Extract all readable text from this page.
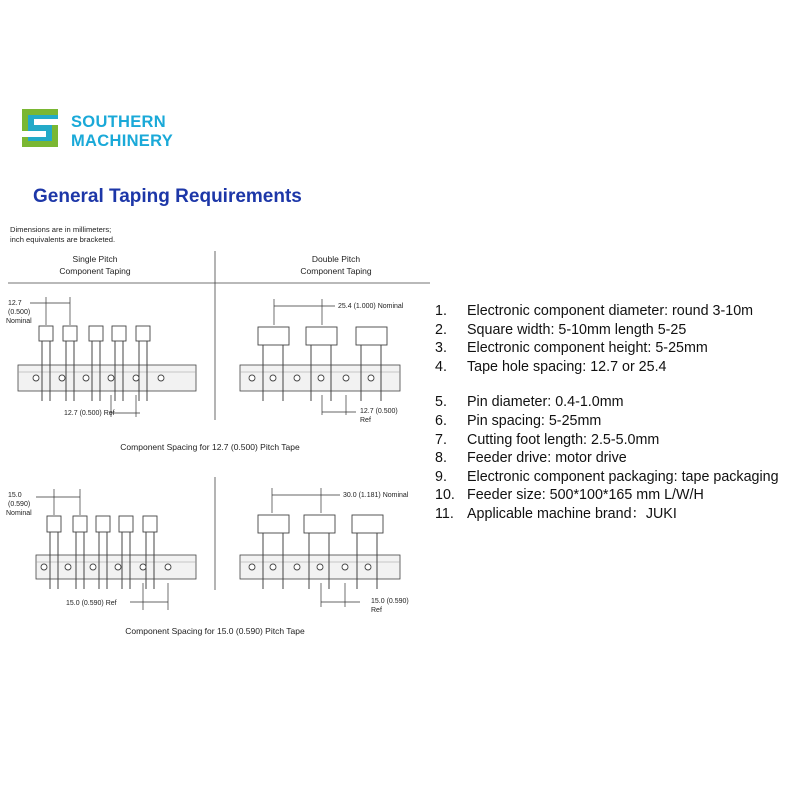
SOUTHERN
MACHINERY
General Taping Requirements
Dimensions are in millimeters;
inch equivalents are bracketed.
Single Pitch
Component Taping
Double Pitch
Component Taping
12.7
(0.500)
Nominal
12.7 (0.500) Ref
25.4 (1.000) Nominal
12.7 (0.500)
Ref
Component Spacing for 12.7 (0.500) Pitch Tape
15.0
(0.590)
Nominal
15.0 (0.590) Ref
30.0 (1.181) Nominal
15.0 (0.590)
Ref
Component Spacing for 15.0 (0.590) Pitch Tape
1. Electronic component diameter: round 3-10m
2. Square width: 5-10mm length 5-25
3. Electronic component height: 5-25mm
4. Tape hole spacing: 12.7 or 25.4
5. Pin diameter: 0.4-1.0mm
6. Pin spacing: 5-25mm
7. Cutting foot length: 2.5-5.0mm
8. Feeder drive: motor drive
9. Electronic component packaging: tape packaging
10. Feeder size: 500*100*165 mm L/W/H
11. Applicable machine brand：JUKI
